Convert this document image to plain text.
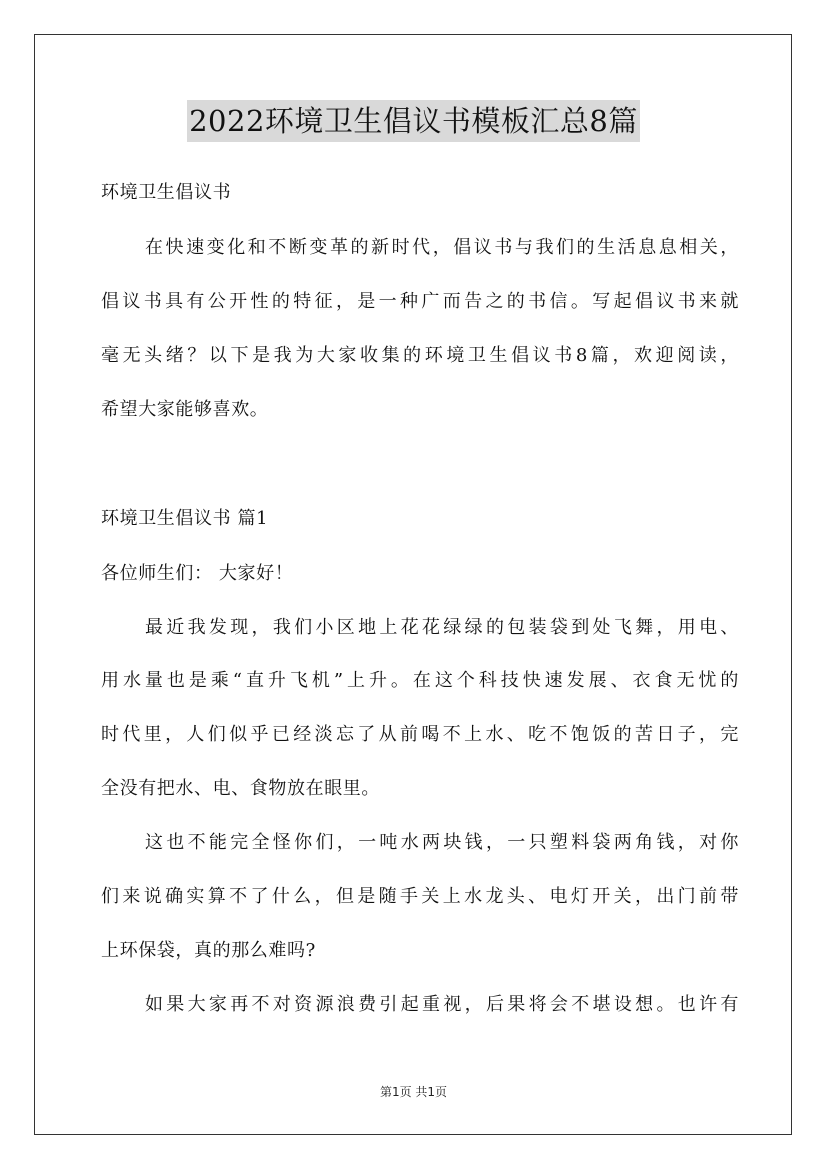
2022环境卫生倡议书模板汇总8篇
环境卫生倡议书
在快速变化和不断变革的新时代，倡议书与我们的生活息息相关，
倡议书具有公开性的特征，是一种广而告之的书信。写起倡议书来就
毫无头绪？以下是我为大家收集的环境卫生倡议书8篇，欢迎阅读，
希望大家能够喜欢。
环境卫生倡议书 篇1
各位师生们： 大家好！
最近我发现，我们小区地上花花绿绿的包装袋到处飞舞，用电、
用水量也是乘“直升飞机”上升。在这个科技快速发展、衣食无忧的
时代里，人们似乎已经淡忘了从前喝不上水、吃不饱饭的苦日子，完
全没有把水、电、食物放在眼里。
这也不能完全怪你们，一吨水两块钱，一只塑料袋两角钱，对你
们来说确实算不了什么，但是随手关上水龙头、电灯开关，出门前带
上环保袋，真的那么难吗?
如果大家再不对资源浪费引起重视，后果将会不堪设想。也许有
第1页 共1页
